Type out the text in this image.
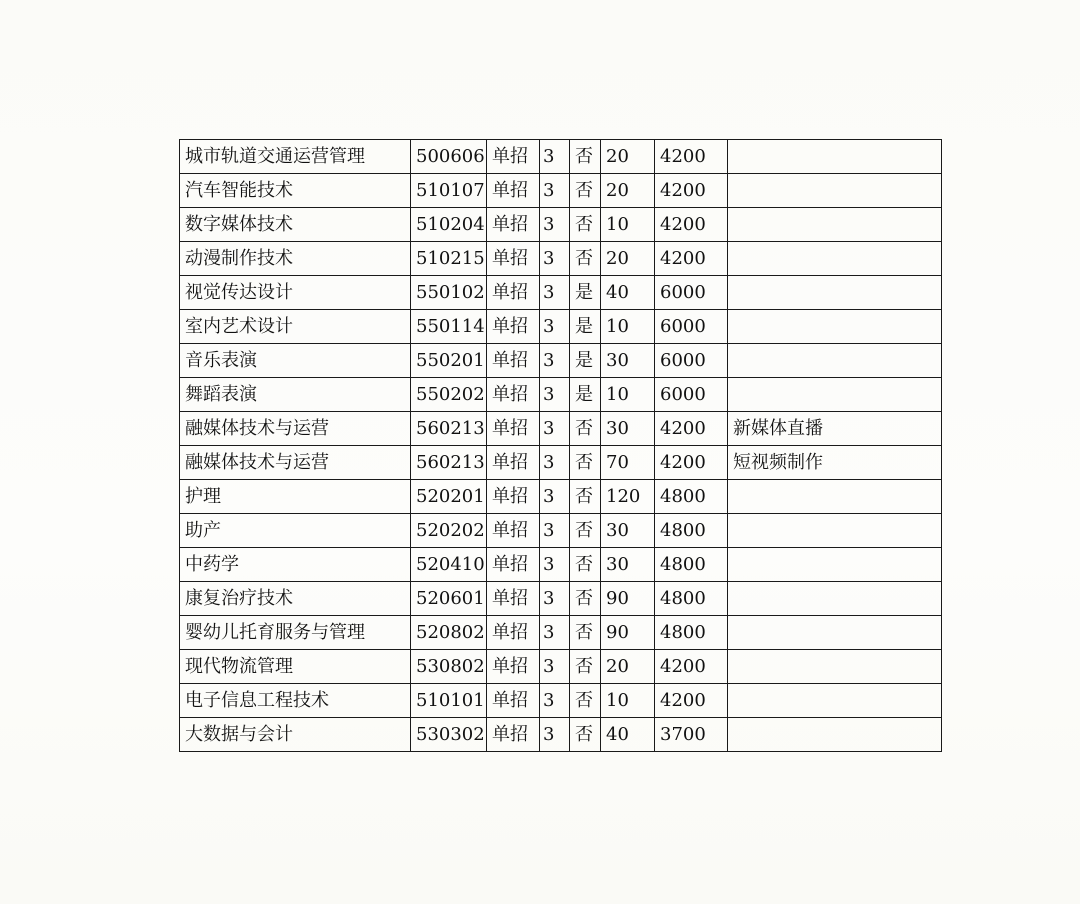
城市轨道交通运营管理	500606	单招	3	否	20	4200	
汽车智能技术	510107	单招	3	否	20	4200	
数字媒体技术	510204	单招	3	否	10	4200	
动漫制作技术	510215	单招	3	否	20	4200	
视觉传达设计	550102	单招	3	是	40	6000	
室内艺术设计	550114	单招	3	是	10	6000	
音乐表演	550201	单招	3	是	30	6000	
舞蹈表演	550202	单招	3	是	10	6000	
融媒体技术与运营	560213	单招	3	否	30	4200	新媒体直播
融媒体技术与运营	560213	单招	3	否	70	4200	短视频制作
护理	520201	单招	3	否	120	4800	
助产	520202	单招	3	否	30	4800	
中药学	520410	单招	3	否	30	4800	
康复治疗技术	520601	单招	3	否	90	4800	
婴幼儿托育服务与管理	520802	单招	3	否	90	4800	
现代物流管理	530802	单招	3	否	20	4200	
电子信息工程技术	510101	单招	3	否	10	4200	
大数据与会计	530302	单招	3	否	40	3700	
